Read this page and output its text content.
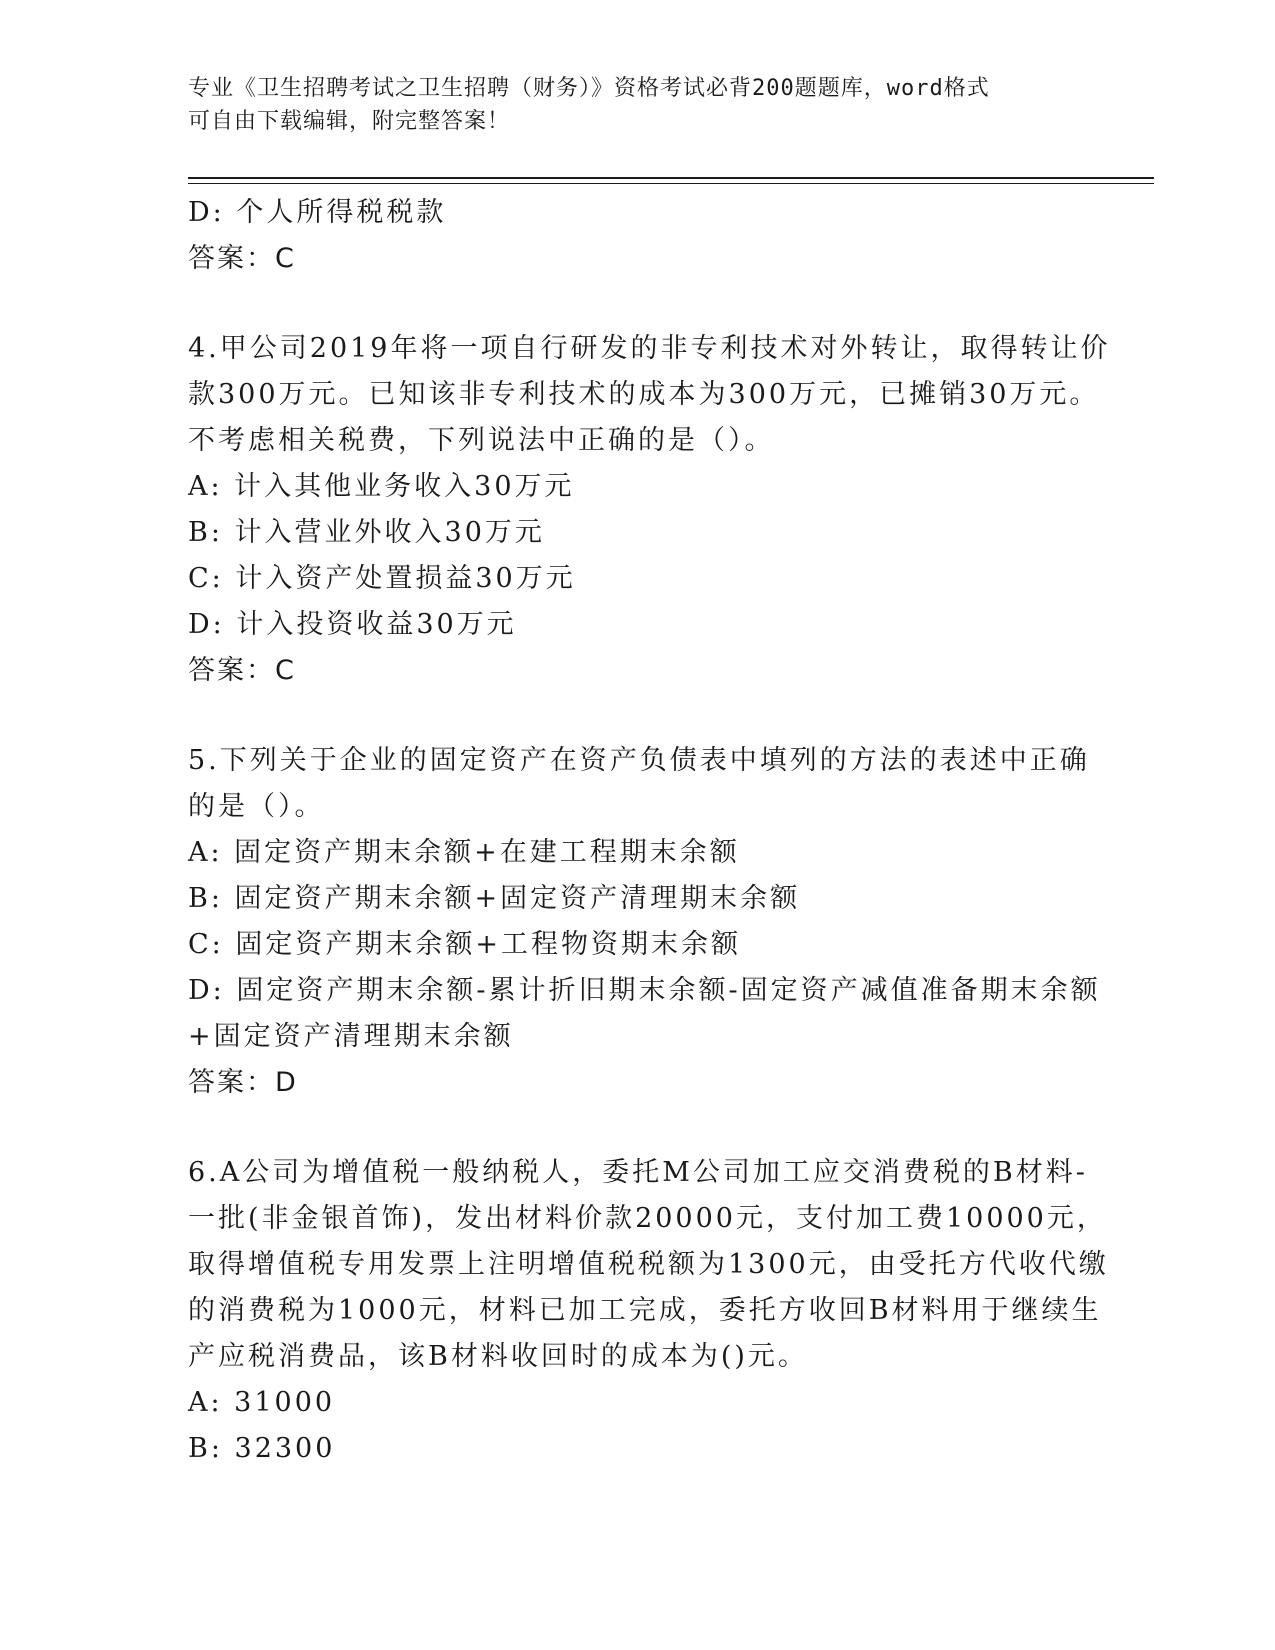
专业《卫生招聘考试之卫生招聘（财务）》资格考试必背200题题库，word格式
可自由下载编辑，附完整答案！
D: 个人所得税税款
答案：C
4.甲公司2019年将一项自行研发的非专利技术对外转让，取得转让价
款300万元。已知该非专利技术的成本为300万元，已摊销30万元。
不考虑相关税费，下列说法中正确的是（）。
A: 计入其他业务收入30万元
B: 计入营业外收入30万元
C: 计入资产处置损益30万元
D: 计入投资收益30万元
答案：C
5.下列关于企业的固定资产在资产负债表中填列的方法的表述中正确
的是（）。
A: 固定资产期末余额+在建工程期末余额
B: 固定资产期末余额+固定资产清理期末余额
C: 固定资产期末余额+工程物资期末余额
D: 固定资产期末余额-累计折旧期末余额-固定资产减值准备期末余额
+固定资产清理期末余额
答案：D
6.A公司为增值税一般纳税人，委托M公司加工应交消费税的B材料-
一批(非金银首饰)，发出材料价款20000元，支付加工费10000元，
取得增值税专用发票上注明增值税税额为1300元，由受托方代收代缴
的消费税为1000元，材料已加工完成，委托方收回B材料用于继续生
产应税消费品，该B材料收回时的成本为()元。
A: 31000
B: 32300
